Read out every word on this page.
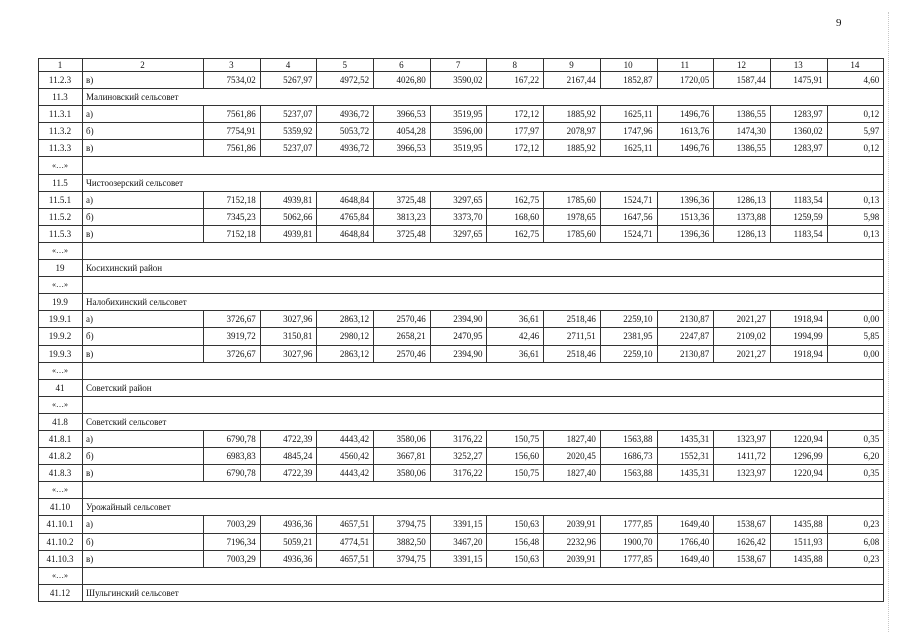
9
1	2	3	4	5	6	7	8	9	10	11	12	13	14
11.2.3	в)	7534,02	5267,97	4972,52	4026,80	3590,02	167,22	2167,44	1852,87	1720,05	1587,44	1475,91	4,60
11.3	Малиновский сельсовет												
11.3.1	а)	7561,86	5237,07	4936,72	3966,53	3519,95	172,12	1885,92	1625,11	1496,76	1386,55	1283,97	0,12
11.3.2	б)	7754,91	5359,92	5053,72	4054,28	3596,00	177,97	2078,97	1747,96	1613,76	1474,30	1360,02	5,97
11.3.3	в)	7561,86	5237,07	4936,72	3966,53	3519,95	172,12	1885,92	1625,11	1496,76	1386,55	1283,97	0,12
«…»													
11.5	Чистоозерский сельсовет												
11.5.1	а)	7152,18	4939,81	4648,84	3725,48	3297,65	162,75	1785,60	1524,71	1396,36	1286,13	1183,54	0,13
11.5.2	б)	7345,23	5062,66	4765,84	3813,23	3373,70	168,60	1978,65	1647,56	1513,36	1373,88	1259,59	5,98
11.5.3	в)	7152,18	4939,81	4648,84	3725,48	3297,65	162,75	1785,60	1524,71	1396,36	1286,13	1183,54	0,13
«…»													
19	Косихинский район												
«…»													
19.9	Налобихинский сельсовет												
19.9.1	а)	3726,67	3027,96	2863,12	2570,46	2394,90	36,61	2518,46	2259,10	2130,87	2021,27	1918,94	0,00
19.9.2	б)	3919,72	3150,81	2980,12	2658,21	2470,95	42,46	2711,51	2381,95	2247,87	2109,02	1994,99	5,85
19.9.3	в)	3726,67	3027,96	2863,12	2570,46	2394,90	36,61	2518,46	2259,10	2130,87	2021,27	1918,94	0,00
«…»													
41	Советский район												
«…»													
41.8	Советский сельсовет												
41.8.1	а)	6790,78	4722,39	4443,42	3580,06	3176,22	150,75	1827,40	1563,88	1435,31	1323,97	1220,94	0,35
41.8.2	б)	6983,83	4845,24	4560,42	3667,81	3252,27	156,60	2020,45	1686,73	1552,31	1411,72	1296,99	6,20
41.8.3	в)	6790,78	4722,39	4443,42	3580,06	3176,22	150,75	1827,40	1563,88	1435,31	1323,97	1220,94	0,35
«…»													
41.10	Урожайный сельсовет												
41.10.1	а)	7003,29	4936,36	4657,51	3794,75	3391,15	150,63	2039,91	1777,85	1649,40	1538,67	1435,88	0,23
41.10.2	б)	7196,34	5059,21	4774,51	3882,50	3467,20	156,48	2232,96	1900,70	1766,40	1626,42	1511,93	6,08
41.10.3	в)	7003,29	4936,36	4657,51	3794,75	3391,15	150,63	2039,91	1777,85	1649,40	1538,67	1435,88	0,23
«…»													
41.12	Шульгинский сельсовет												
